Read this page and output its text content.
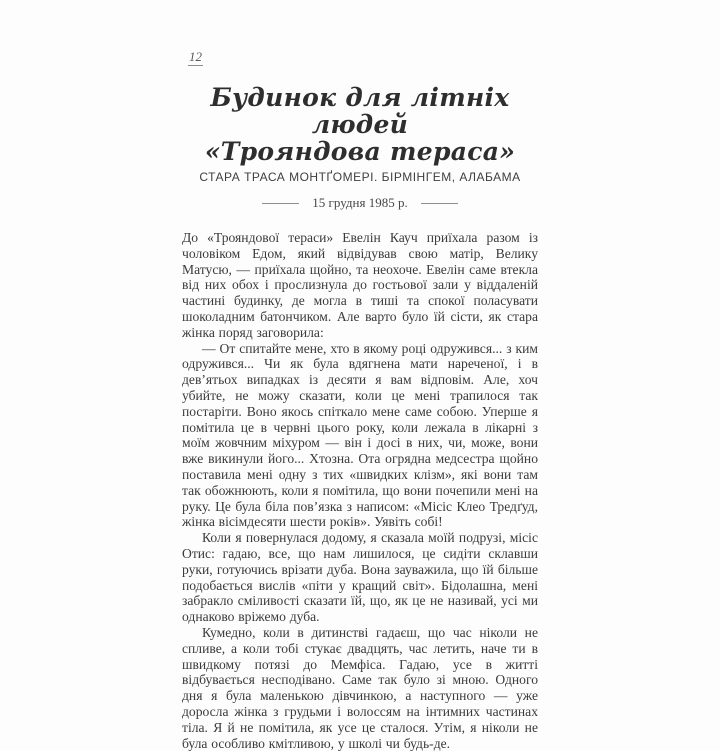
12
Будинок для літніх людей
«Трояндова тераса»
СТАРА ТРАСА МОНТҐОМЕРІ. БІРМІНГЕМ, АЛАБАМА
15 грудня 1985 р.

До «Трояндової тераси» Евелін Кауч приїхала разом із чоловіком Едом, який відвідував свою матір, Велику Матусю, — приїхала щойно, та неохоче. Евелін саме втекла від них обох і прослизнула до гостьової зали у віддаленій частині будинку, де могла в тиші та спокої поласувати шоколадним батончиком. Але варто було їй сісти, як стара жінка поряд заговорила:

— От спитайте мене, хто в якому році одружився... з ким одружився... Чи як була вдягнена мати нареченої, і в дев’ятьох випадках із десяти я вам відповім. Але, хоч убийте, не можу сказати, коли це мені трапилося так постаріти. Воно якось спіткало мене саме собою. Уперше я помітила це в червні цього року, коли лежала в лікарні з моїм жовчним міхуром — він і досі в них, чи, може, вони вже викинули його... Хтозна. Ота огрядна медсестра щойно поставила мені одну з тих «швидких клізм», які вони там так обожнюють, коли я помітила, що вони почепили мені на руку. Це була біла пов’язка з написом: «Місіс Клео Тредґуд, жінка вісімдесяти шести років». Уявіть собі!

Коли я повернулася додому, я сказала моїй подрузі, місіс Отис: гадаю, все, що нам лишилося, це сидіти склавши руки, готуючись врізати дуба. Вона зауважила, що їй більше подобається вислів «піти у кращий світ». Бідолашна, мені забракло сміливості сказати їй, що, як це не називай, усі ми однаково вріжемо дуба.

Кумедно, коли в дитинстві гадаєш, що час ніколи не спливе, а коли тобі стукає двадцять, час летить, наче ти в швидкому потязі до Мемфіса. Гадаю, усе в житті відбувається несподівано. Саме так було зі мною. Одного дня я була маленькою дівчинкою, а наступного — уже доросла жінка з грудьми і волоссям на інтимних частинах тіла. Я й не помітила, як усе це сталося. Утім, я ніколи не була особливо кмітливою, у школі чи будь-де.
